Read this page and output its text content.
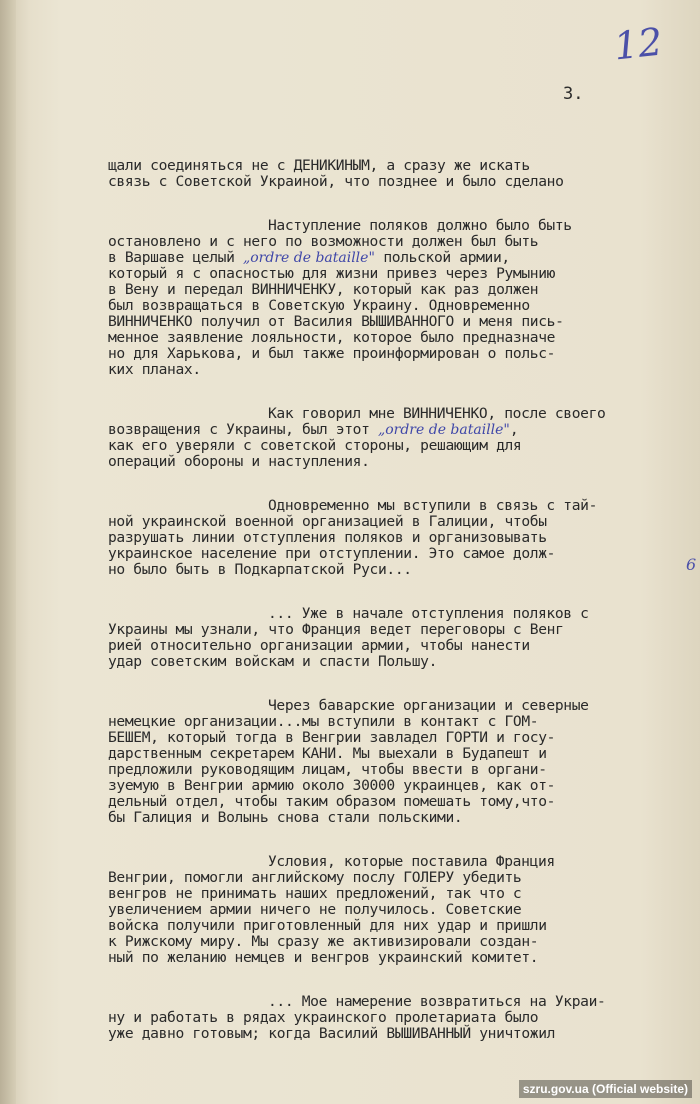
12
3.
щали соединяться не с ДЕНИКИНЫМ, а сразу же искать
связь с Советской Украиной, что позднее и было сделано
Наступление поляков должно было быть
остановлено и с него по возможности должен был быть
в Варшаве целый „ordre de bataille" польской армии,
который я с опасностью для жизни привез через Румынию
в Вену и передал ВИННИЧЕНКУ, который как раз должен
был возвращаться в Советскую Украину. Одновременно
ВИННИЧЕНКО получил от Василия ВЫШИВАННОГО и меня пись-
менное заявление лояльности, которое было предназначе
но для Харькова, и был также проинформирован о польс-
ких планах.
Как говорил мне ВИННИЧЕНКО, после своего
возвращения с Украины, был этот „ordre de bataille",
как его уверяли с советской стороны, решающим для
операций обороны и наступления.
Одновременно мы вступили в связь с тай-
ной украинской военной организацией в Галиции, чтобы
разрушать линии отступления поляков и организовывать
украинское население при отступлении. Это самое долж-
но было быть в Подкарпатской Руси...
... Уже в начале отступления поляков с
Украины мы узнали, что Франция ведет переговоры с Венг
рией относительно организации армии, чтобы нанести
удар советским войскам и спасти Польшу.
Через баварские организации и северные
немецкие организации...мы вступили в контакт с ГОМ-
БЕШЕМ, который тогда в Венгрии завладел ГОРТИ и госу-
дарственным секретарем КАНИ. Мы выехали в Будапешт и
предложили руководящим лицам, чтобы ввести в органи-
зуемую в Венгрии армию около 30000 украинцев, как от-
дельный отдел, чтобы таким образом помешать тому,что-
бы Галиция и Волынь снова стали польскими.
Условия, которые поставила Франция
Венгрии, помогли английскому послу ГОЛЕРУ убедить
венгров не принимать наших предложений, так что с
увеличением армии ничего не получилось. Советские
войска получили приготовленный для них удар и пришли
к Рижскому миру. Мы сразу же активизировали создан-
ный по желанию немцев и венгров украинский комитет.
... Мое намерение возвратиться на Украи-
ну и работать в рядах украинского пролетариата было
уже давно готовым; когда Василий ВЫШИВАННЫЙ уничтожил
6
szru.gov.ua (Official website)
